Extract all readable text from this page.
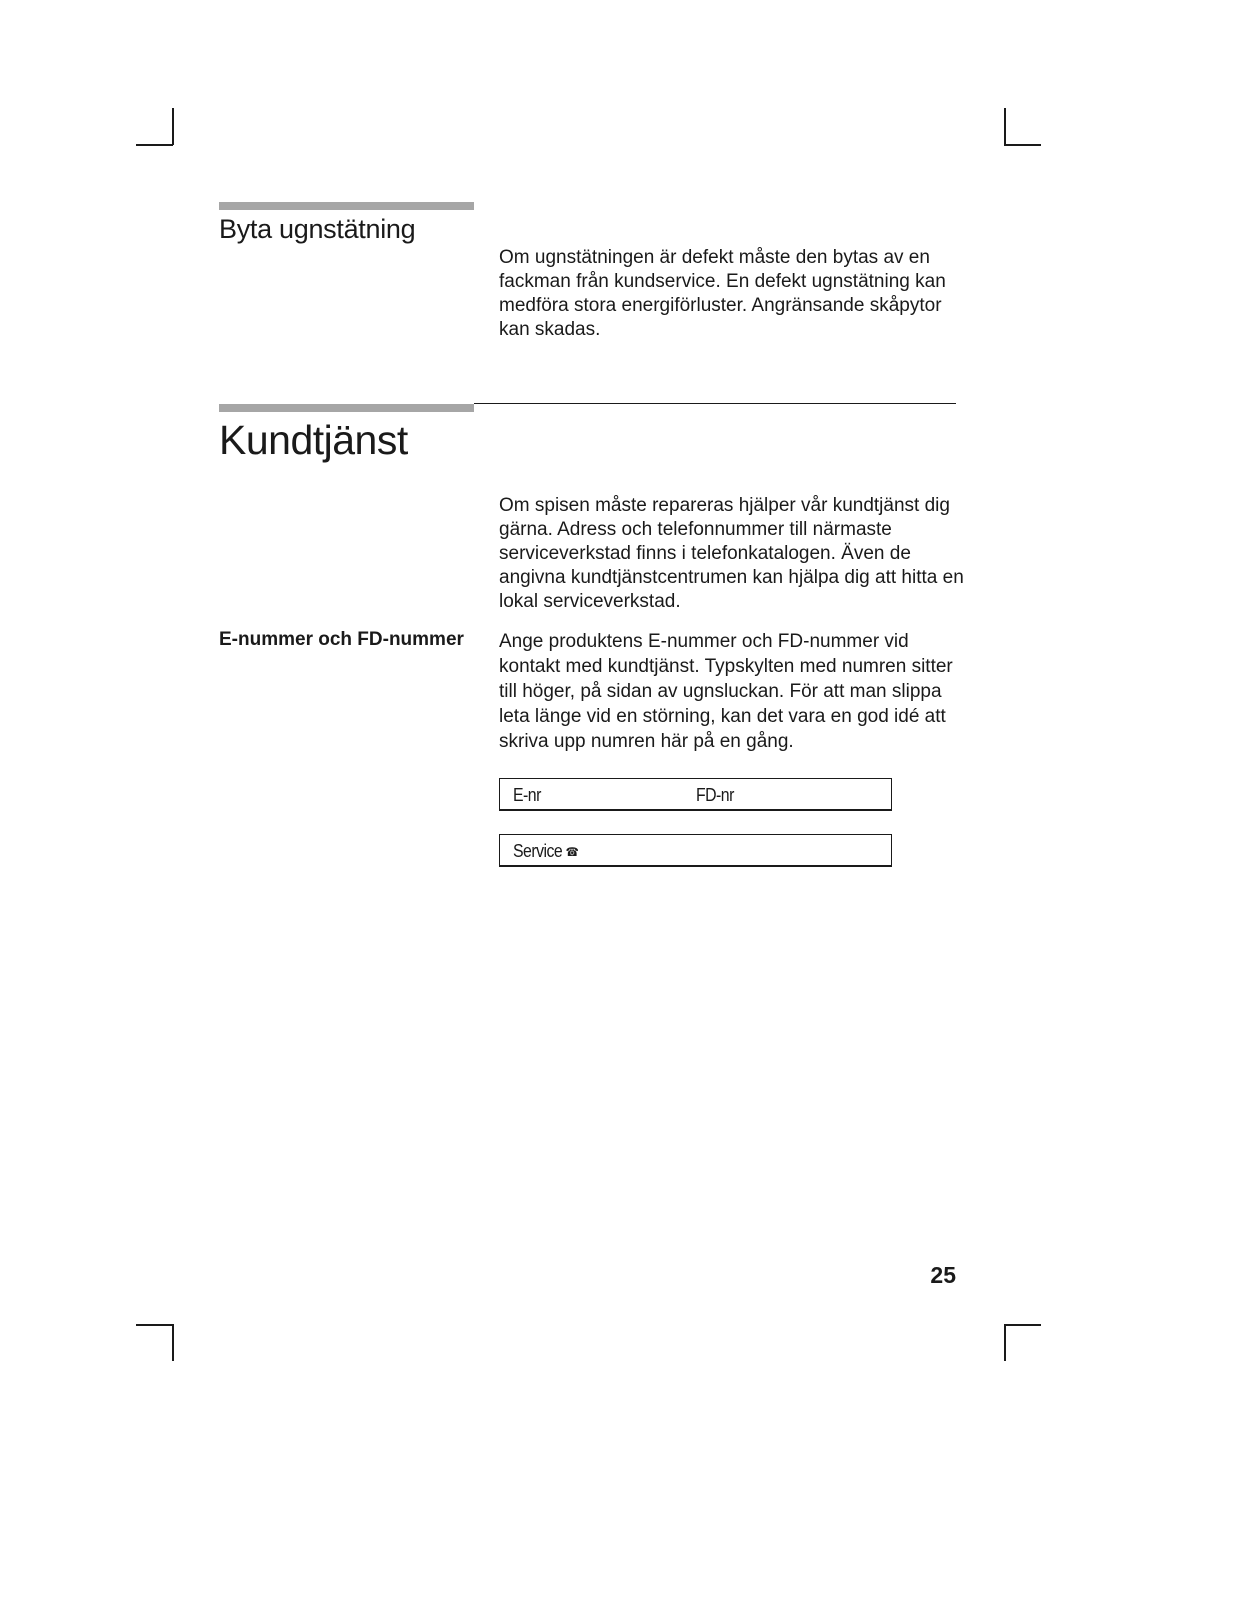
Byta ugnstätning

Om ugnstätningen är defekt måste den bytas av en fackman från kundservice. En defekt ugnstätning kan medföra stora energiförluster. Angränsande skåpytor kan skadas.

Kundtjänst

Om spisen måste repareras hjälper vår kundtjänst dig gärna. Adress och telefonnummer till närmaste serviceverkstad finns i telefonkatalogen. Även de angivna kundtjänstcentrumen kan hjälpa dig att hitta en lokal serviceverkstad.

E-nummer och FD-nummer Ange produktens E-nummer och FD-nummer vid kontakt med kundtjänst. Typskylten med numren sitter till höger, på sidan av ugnsluckan. För att man slippa leta länge vid en störning, kan det vara en god idé att skriva upp numren här på en gång.

E-nr	FD-nr
Service ☎

25
